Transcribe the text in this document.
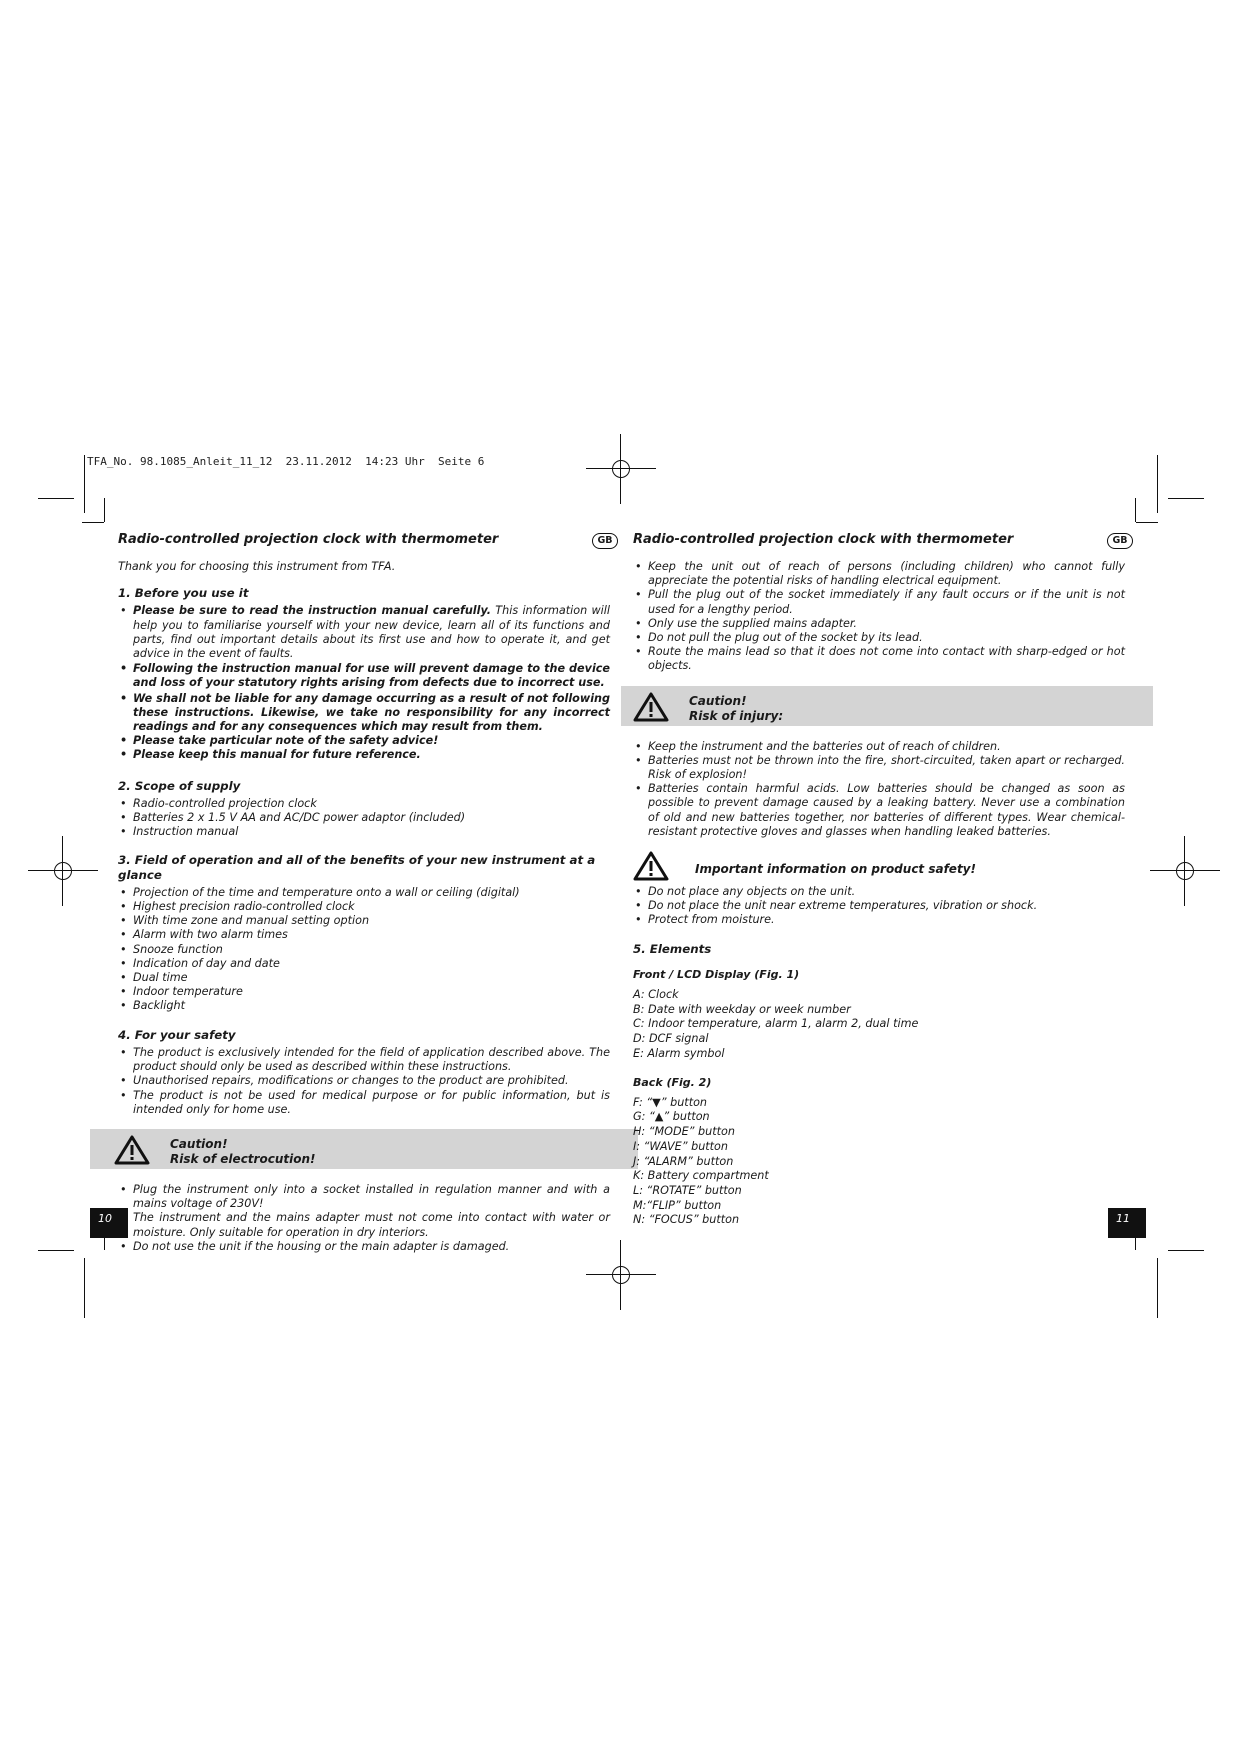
TFA_No. 98.1085_Anleit_11_12  23.11.2012  14:23 Uhr  Seite 6
Radio-controlled projection clock with thermometer	GB

Thank you for choosing this instrument from TFA.

1. Before you use it
• Please be sure to read the instruction manual carefully. This information will help you to familiarise yourself with your new device, learn all of its functions and parts, find out important details about its first use and how to operate it, and get advice in the event of faults.
• Following the instruction manual for use will prevent damage to the device and loss of your statutory rights arising from defects due to incorrect use.
• We shall not be liable for any damage occurring as a result of not following these instructions. Likewise, we take no responsibility for any incorrect readings and for any consequences which may result from them.
• Please take particular note of the safety advice!
• Please keep this manual for future reference.
2. Scope of supply
• Radio-controlled projection clock
• Batteries 2 x 1.5 V AA and AC/DC power adaptor (included)
• Instruction manual
3. Field of operation and all of the benefits of your new instrument at a glance
• Projection of the time and temperature onto a wall or ceiling (digital)
• Highest precision radio-controlled clock
• With time zone and manual setting option
• Alarm with two alarm times
• Snooze function
• Indication of day and date
• Dual time
• Indoor temperature
• Backlight
4. For your safety
• The product is exclusively intended for the field of application described above. The product should only be used as described within these instructions.
• Unauthorised repairs, modifications or changes to the product are prohibited.
• The product is not be used for medical purpose or for public information, but is intended only for home use.
Caution!
Risk of electrocution!
• Plug the instrument only into a socket installed in regulation manner and with a mains voltage of 230V!
• The instrument and the mains adapter must not come into contact with water or moisture. Only suitable for operation in dry interiors.
• Do not use the unit if the housing or the main adapter is damaged.
Radio-controlled projection clock with thermometer	GB
• Keep the unit out of reach of persons (including children) who cannot fully appreciate the potential risks of handling electrical equipment.
• Pull the plug out of the socket immediately if any fault occurs or if the unit is not used for a lengthy period.
• Only use the supplied mains adapter.
• Do not pull the plug out of the socket by its lead.
• Route the mains lead so that it does not come into contact with sharp-edged or hot objects.
Caution!
Risk of injury:
• Keep the instrument and the batteries out of reach of children.
• Batteries must not be thrown into the fire, short-circuited, taken apart or recharged. Risk of explosion!
• Batteries contain harmful acids. Low batteries should be changed as soon as possible to prevent damage caused by a leaking battery. Never use a combination of old and new batteries together, nor batteries of different types. Wear chemical-resistant protective gloves and glasses when handling leaked batteries.
Important information on product safety!
• Do not place any objects on the unit.
• Do not place the unit near extreme temperatures, vibration or shock.
• Protect from moisture.
5. Elements
Front / LCD Display (Fig. 1)
A: Clock
B: Date with weekday or week number
C: Indoor temperature, alarm 1, alarm 2, dual time
D: DCF signal
E: Alarm symbol
Back (Fig. 2)
F: “▼” button
G: “▲” button
H: “MODE” button
I: “WAVE” button
J: “ALARM” button
K: Battery compartment
L: “ROTATE” button
M:“FLIP” button
N: “FOCUS” button
10	11
